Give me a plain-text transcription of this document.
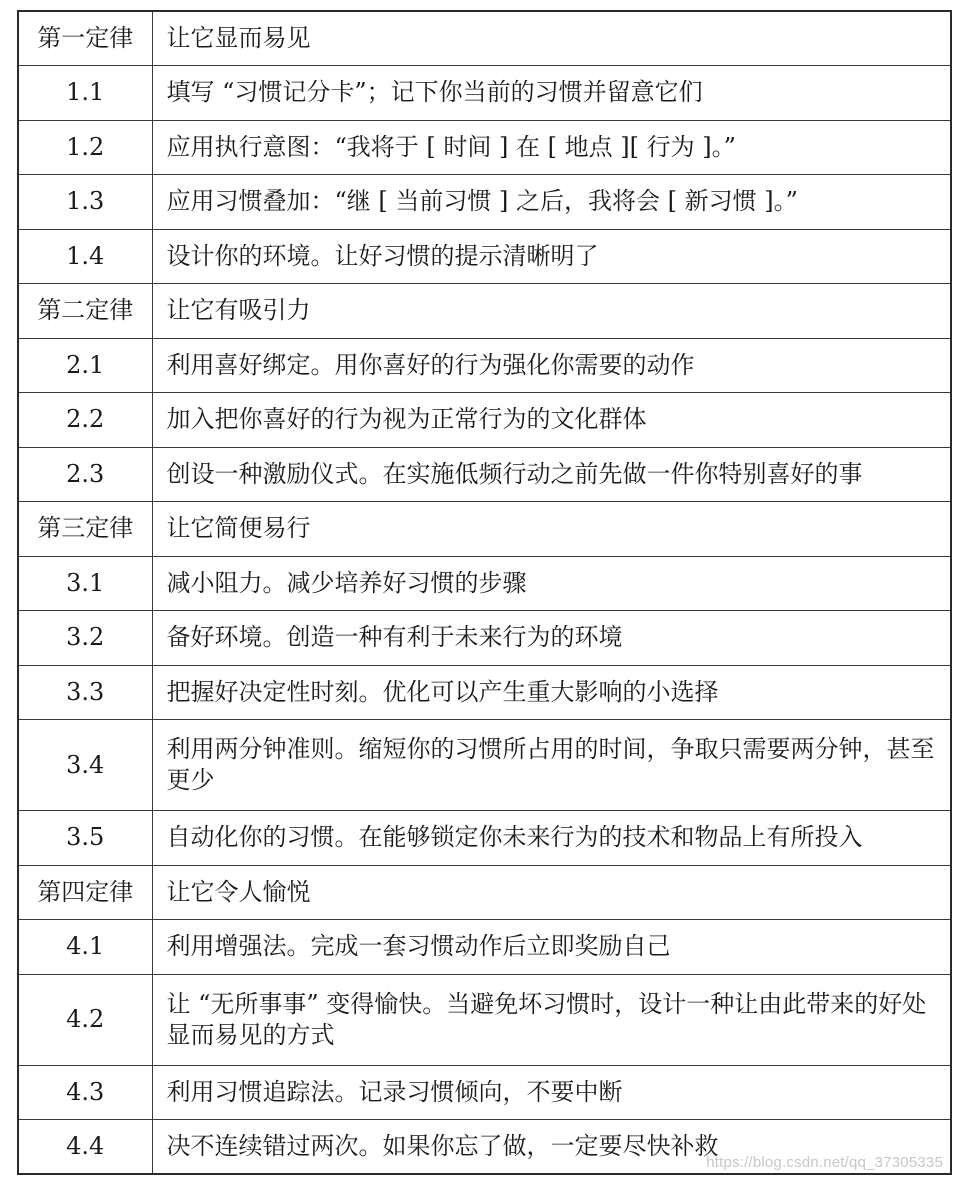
第一定律	让它显而易见
1.1	填写 “习惯记分卡”；记下你当前的习惯并留意它们
1.2	应用执行意图：“我将于 [ 时间 ] 在 [ 地点 ][ 行为 ]。”
1.3	应用习惯叠加：“继 [ 当前习惯 ] 之后，我将会 [ 新习惯 ]。”
1.4	设计你的环境。让好习惯的提示清晰明了
第二定律	让它有吸引力
2.1	利用喜好绑定。用你喜好的行为强化你需要的动作
2.2	加入把你喜好的行为视为正常行为的文化群体
2.3	创设一种激励仪式。在实施低频行动之前先做一件你特别喜好的事
第三定律	让它简便易行
3.1	减小阻力。减少培养好习惯的步骤
3.2	备好环境。创造一种有利于未来行为的环境
3.3	把握好决定性时刻。优化可以产生重大影响的小选择
3.4	利用两分钟准则。缩短你的习惯所占用的时间，争取只需要两分钟，甚至更少
3.5	自动化你的习惯。在能够锁定你未来行为的技术和物品上有所投入
第四定律	让它令人愉悦
4.1	利用增强法。完成一套习惯动作后立即奖励自己
4.2	让 “无所事事” 变得愉快。当避免坏习惯时，设计一种让由此带来的好处显而易见的方式
4.3	利用习惯追踪法。记录习惯倾向，不要中断
4.4	决不连续错过两次。如果你忘了做，一定要尽快补救
https://blog.csdn.net/qq_37305335
